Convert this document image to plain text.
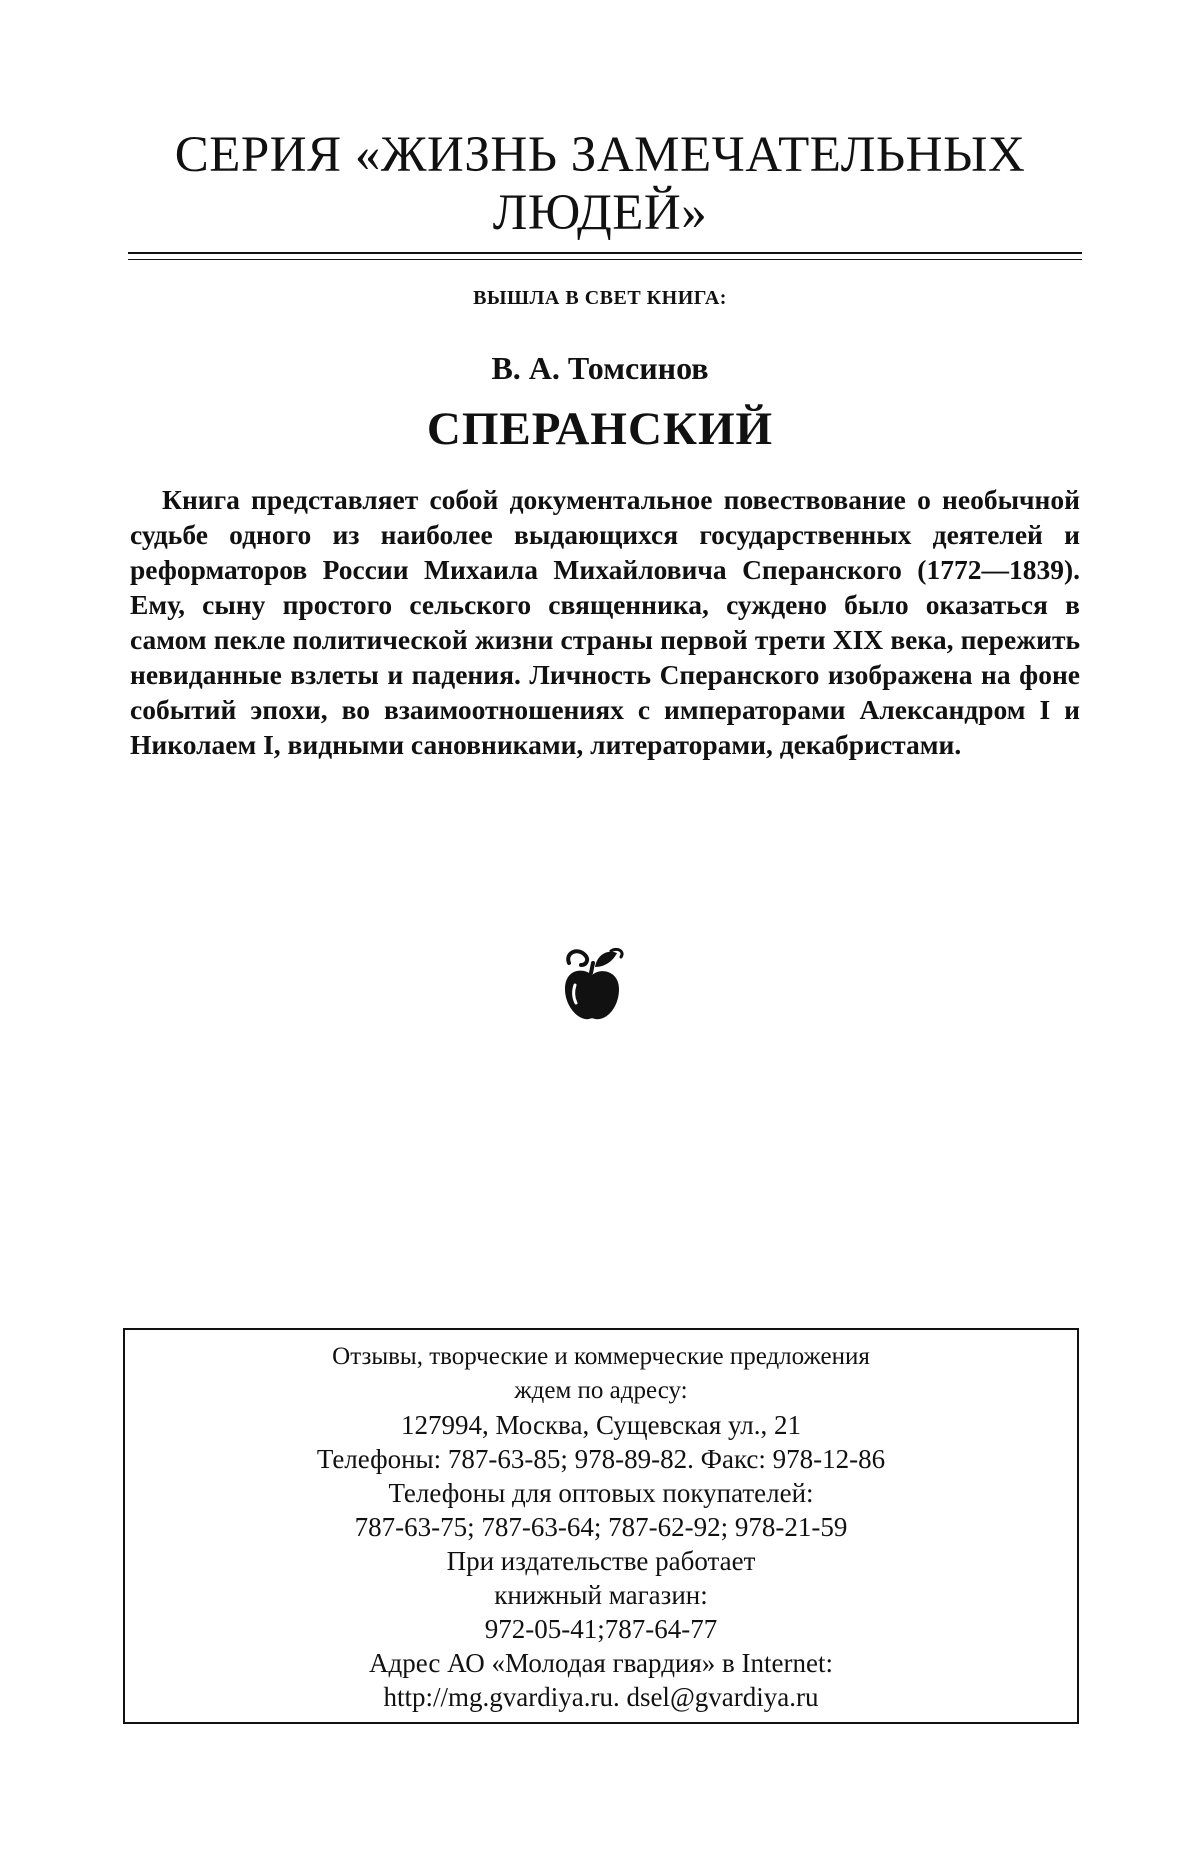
СЕРИЯ «ЖИЗНЬ ЗАМЕЧАТЕЛЬНЫХ
ЛЮДЕЙ»
ВЫШЛА В СВЕТ КНИГА:
В. А. Томсинов
СПЕРАНСКИЙ

Книга представляет собой документальное повествование о необычной судьбе одного из наиболее выдающихся государственных деятелей и реформаторов России Михаила Михайловича Сперанского (1772—1839). Ему, сыну простого сельского священника, суждено было оказаться в самом пекле политической жизни страны первой трети XIX века, пережить невиданные взлеты и падения. Личность Сперанского изображена на фоне событий эпохи, во взаимоотношениях с императорами Александром I и Николаем I, видными сановниками, литераторами, декабристами.

Отзывы, творческие и коммерческие предложения
ждем по адресу:
127994, Москва, Сущевская ул., 21
Телефоны: 787-63-85; 978-89-82. Факс: 978-12-86
Телефоны для оптовых покупателей:
787-63-75; 787-63-64; 787-62-92; 978-21-59
При издательстве работает
книжный магазин:
972-05-41;787-64-77
Адрес АО «Молодая гвардия» в Internet:
http://mg.gvardiya.ru. dsel@gvardiya.ru
